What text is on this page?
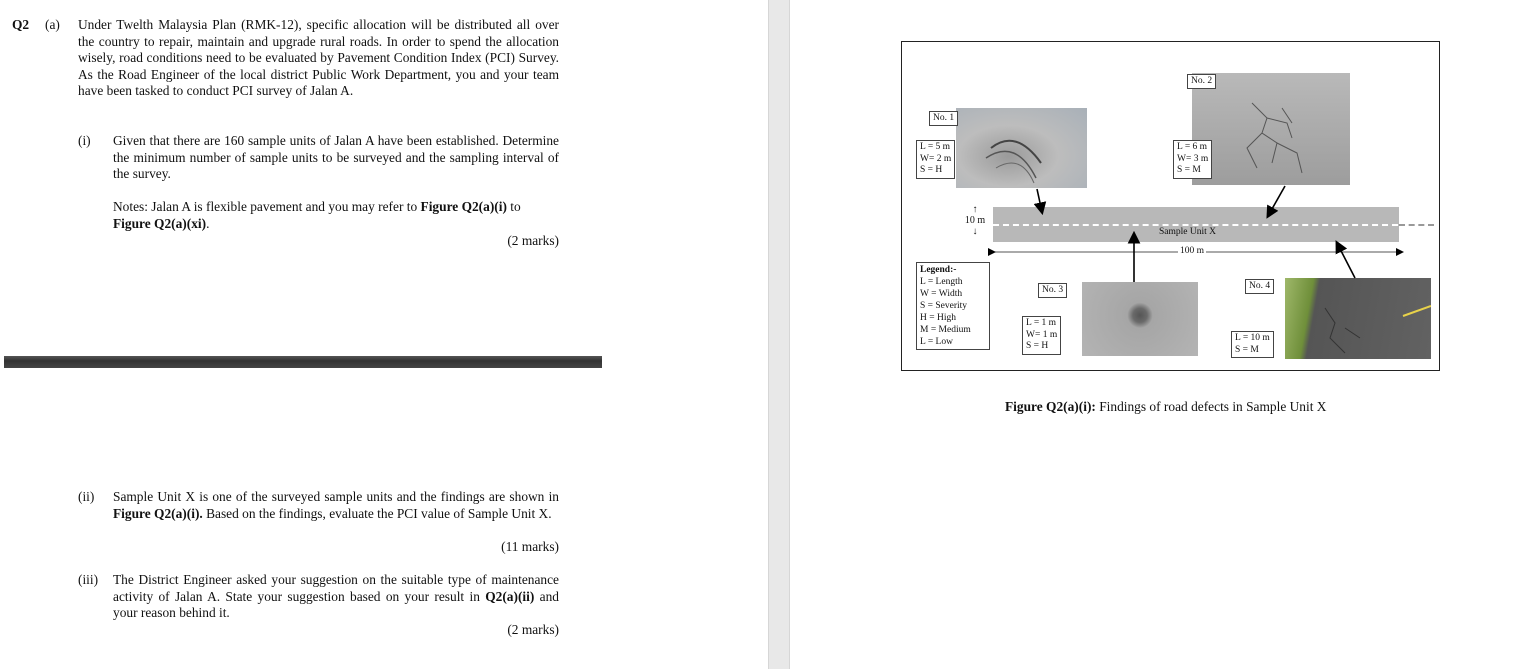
Q2 (a) Under Twelth Malaysia Plan (RMK-12), specific allocation will be distributed all over the country to repair, maintain and upgrade rural roads. In order to spend the allocation wisely, road conditions need to be evaluated by Pavement Condition Index (PCI) Survey. As the Road Engineer of the local district Public Work Department, you and your team have been tasked to conduct PCI survey of Jalan A.
(i) Given that there are 160 sample units of Jalan A have been established. Determine the minimum number of sample units to be surveyed and the sampling interval of the survey.
Notes: Jalan A is flexible pavement and you may refer to Figure Q2(a)(i) to Figure Q2(a)(xi).
(2 marks)
(ii) Sample Unit X is one of the surveyed sample units and the findings are shown in Figure Q2(a)(i). Based on the findings, evaluate the PCI value of Sample Unit X.
(11 marks)
(iii) The District Engineer asked your suggestion on the suitable type of maintenance activity of Jalan A. State your suggestion based on your result in Q2(a)(ii) and your reason behind it.
(2 marks)
No. 1
L = 5 m
W= 2 m
S = H
No. 2
L = 6 m
W= 3 m
S = M
No. 3
L = 1 m
W= 1 m
S = H
No. 4
L = 10 m
S = M
Legend:-
L = Length
W = Width
S = Severity
H = High
M = Medium
L = Low
↑
10 m
↓	Sample Unit X
100 m
Figure Q2(a)(i): Findings of road defects in Sample Unit X
